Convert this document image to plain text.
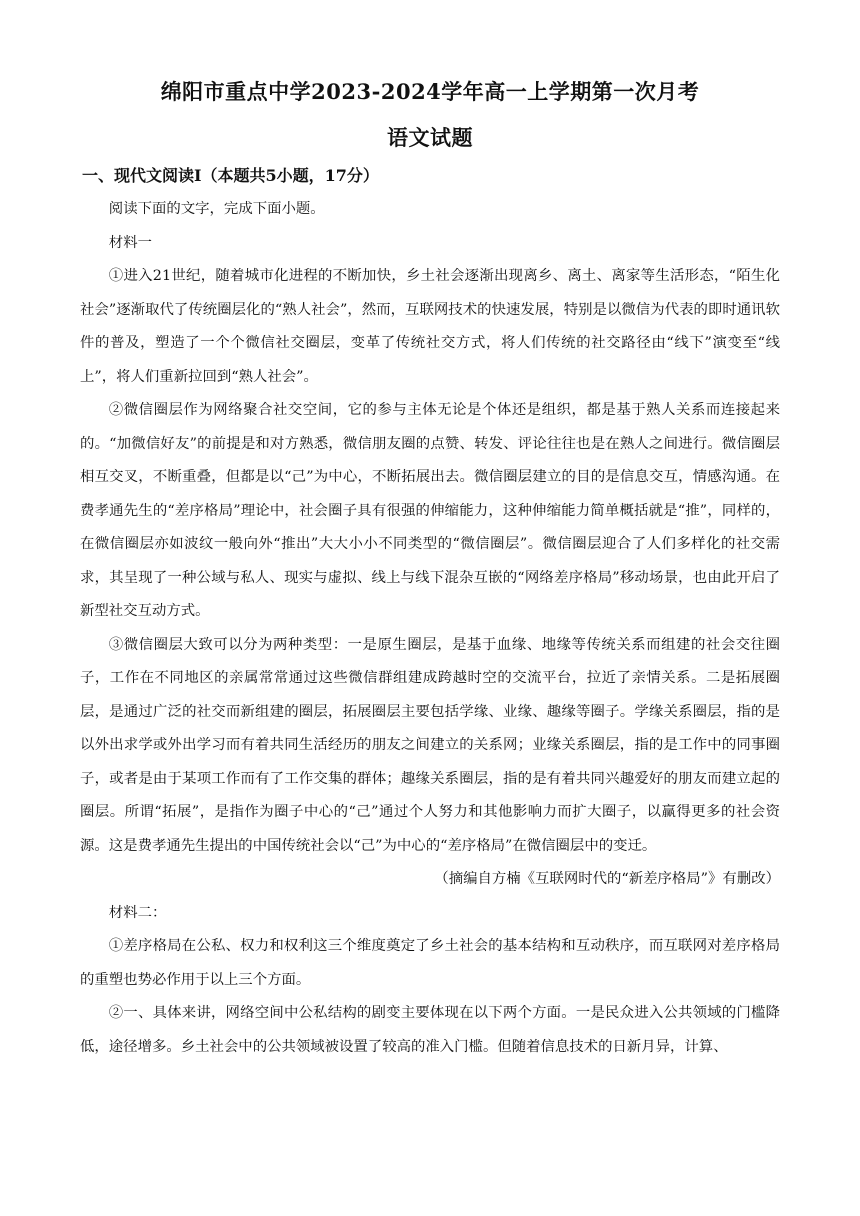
绵阳市重点中学2023-2024学年高一上学期第一次月考
语文试题
一、现代文阅读Ⅰ（本题共5小题，17分）

阅读下面的文字，完成下面小题。

材料一

①进入21世纪，随着城市化进程的不断加快，乡土社会逐渐出现离乡、离土、离家等生活形态，“陌生化社会”逐渐取代了传统圈层化的“熟人社会”，然而，互联网技术的快速发展，特别是以微信为代表的即时通讯软件的普及，塑造了一个个微信社交圈层，变革了传统社交方式，将人们传统的社交路径由“线下”演变至“线上”，将人们重新拉回到“熟人社会”。

②微信圈层作为网络聚合社交空间，它的参与主体无论是个体还是组织，都是基于熟人关系而连接起来的。“加微信好友”的前提是和对方熟悉，微信朋友圈的点赞、转发、评论往往也是在熟人之间进行。微信圈层相互交叉，不断重叠，但都是以“己”为中心，不断拓展出去。微信圈层建立的目的是信息交互，情感沟通。在费孝通先生的“差序格局”理论中，社会圈子具有很强的伸缩能力，这种伸缩能力简单概括就是“推”，同样的，在微信圈层亦如波纹一般向外“推出”大大小小不同类型的“微信圈层”。微信圈层迎合了人们多样化的社交需求，其呈现了一种公域与私人、现实与虚拟、线上与线下混杂互嵌的“网络差序格局”移动场景，也由此开启了新型社交互动方式。

③微信圈层大致可以分为两种类型：一是原生圈层，是基于血缘、地缘等传统关系而组建的社会交往圈子，工作在不同地区的亲属常常通过这些微信群组建成跨越时空的交流平台，拉近了亲情关系。二是拓展圈层，是通过广泛的社交而新组建的圈层，拓展圈层主要包括学缘、业缘、趣缘等圈子。学缘关系圈层，指的是以外出求学或外出学习而有着共同生活经历的朋友之间建立的关系网；业缘关系圈层，指的是工作中的同事圈子，或者是由于某项工作而有了工作交集的群体；趣缘关系圈层，指的是有着共同兴趣爱好的朋友而建立起的圈层。所谓“拓展”，是指作为圈子中心的“己”通过个人努力和其他影响力而扩大圈子，以赢得更多的社会资源。这是费孝通先生提出的中国传统社会以“己”为中心的“差序格局”在微信圈层中的变迁。

（摘编自方楠《互联网时代的“新差序格局”》有删改）

材料二：

①差序格局在公私、权力和权利这三个维度奠定了乡土社会的基本结构和互动秩序，而互联网对差序格局的重塑也势必作用于以上三个方面。

②一、具体来讲，网络空间中公私结构的剧变主要体现在以下两个方面。一是民众进入公共领域的门槛降低，途径增多。乡土社会中的公共领域被设置了较高的准入门槛。但随着信息技术的日新月异，计算、
